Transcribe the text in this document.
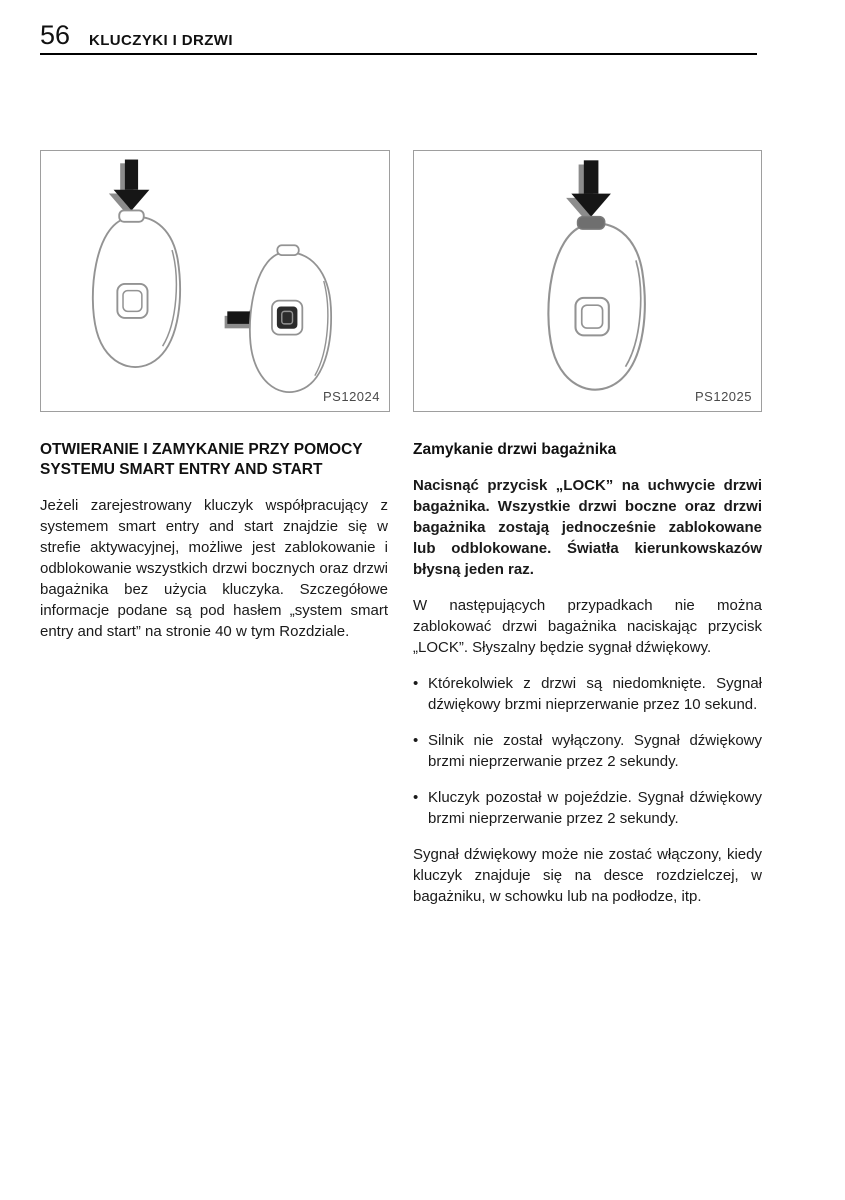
56 KLUCZYKI I DRZWI
PS12024	PS12025
OTWIERANIE I ZAMYKANIE PRZY POMOCY SYSTEMU SMART ENTRY AND START

Jeżeli zarejestrowany kluczyk współpracujący z systemem smart entry and start znajdzie się w strefie aktywacyjnej, możliwe jest zablokowanie i odblokowanie wszystkich drzwi bocznych oraz drzwi bagażnika bez użycia kluczyka. Szczegółowe informacje podane są pod hasłem „system smart entry and start” na stronie 40 w tym Rozdziale.

Zamykanie drzwi bagażnika

Nacisnąć przycisk „LOCK” na uchwycie drzwi bagażnika. Wszystkie drzwi boczne oraz drzwi bagażnika zostają jednocześnie zablokowane lub odblokowane. Światła kierunkowskazów błysną jeden raz.

W następujących przypadkach nie można zablokować drzwi bagażnika naciskając przycisk „LOCK”. Słyszalny będzie sygnał dźwiękowy.

• Którekolwiek z drzwi są niedomknięte. Sygnał dźwiękowy brzmi nieprzerwanie przez 10 sekund.
• Silnik nie został wyłączony. Sygnał dźwiękowy brzmi nieprzerwanie przez 2 sekundy.
• Kluczyk pozostał w pojeździe. Sygnał dźwiękowy brzmi nieprzerwanie przez 2 sekundy.

Sygnał dźwiękowy może nie zostać włączony, kiedy kluczyk znajduje się na desce rozdzielczej, w bagażniku, w schowku lub na podłodze, itp.
